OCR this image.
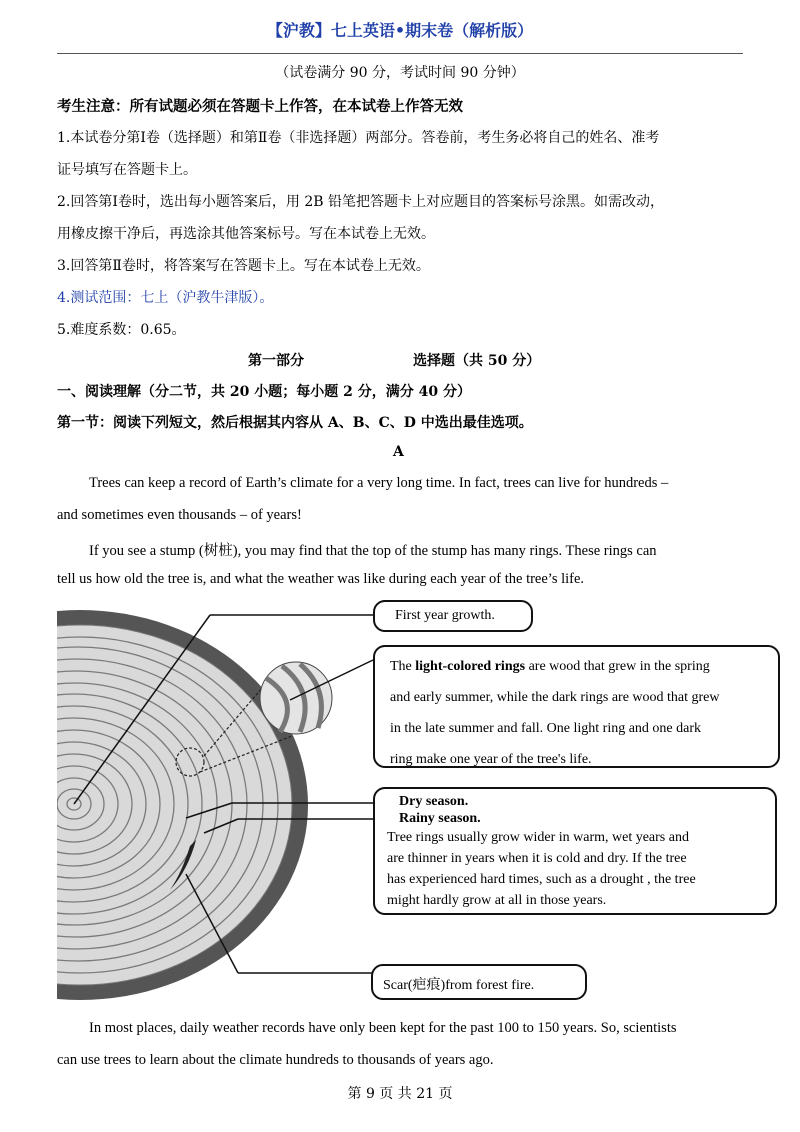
【沪教】七上英语•期末卷（解析版）
（试卷满分 90 分，考试时间 90 分钟）
考生注意：所有试题必须在答题卡上作答，在本试卷上作答无效
1.本试卷分第Ⅰ卷（选择题）和第Ⅱ卷（非选择题）两部分。答卷前，考生务必将自己的姓名、准考
证号填写在答题卡上。
2.回答第Ⅰ卷时，选出每小题答案后，用 2B 铅笔把答题卡上对应题目的答案标号涂黑。如需改动，
用橡皮擦干净后，再选涂其他答案标号。写在本试卷上无效。
3.回答第Ⅱ卷时，将答案写在答题卡上。写在本试卷上无效。
4.测试范围：七上（沪教牛津版）。
5.难度系数：0.65。
第一部分	选择题（共 50 分）
一、阅读理解（分二节，共 20 小题；每小题 2 分，满分 40 分）
第一节：阅读下列短文，然后根据其内容从 A、B、C、D 中选出最佳选项。
A
Trees can keep a record of Earth’s climate for a very long time. In fact, trees can live for hundreds –
and sometimes even thousands – of years!
If you see a stump (树桩), you may find that the top of the stump has many rings. These rings can
tell us how old the tree is, and what the weather was like during each year of the tree’s life.
First year growth.
The light-colored rings are wood that grew in the spring
and early summer, while the dark rings are wood that grew
in the late summer and fall. One light ring and one dark
ring make one year of the tree's life.
Dry season.
Rainy season.
Tree rings usually grow wider in warm, wet years and
are thinner in years when it is cold and dry. If the tree
has experienced hard times, such as a drought , the tree
might hardly grow at all in those years.
Scar(疤痕)from forest fire.
In most places, daily weather records have only been kept for the past 100 to 150 years. So, scientists
can use trees to learn about the climate hundreds to thousands of years ago.
第 9 页 共 21 页
